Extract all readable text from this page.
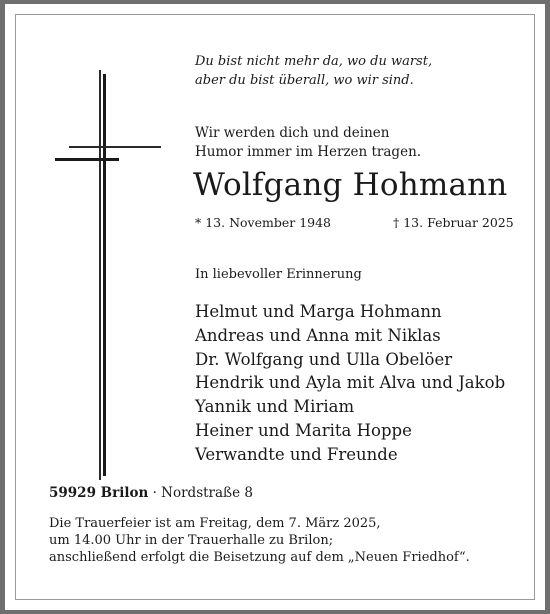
Du bist nicht mehr da, wo du warst,
aber du bist überall, wo wir sind.
Wir werden dich und deinen
Humor immer im Herzen tragen.
Wolfgang Hohmann
* 13. November 1948	† 13. Februar 2025
In liebevoller Erinnerung
Helmut und Marga Hohmann
Andreas und Anna mit Niklas
Dr. Wolfgang und Ulla Obelöer
Hendrik und Ayla mit Alva und Jakob
Yannik und Miriam
Heiner und Marita Hoppe
Verwandte und Freunde
59929 Brilon · Nordstraße 8
Die Trauerfeier ist am Freitag, dem 7. März 2025,
um 14.00 Uhr in der Trauerhalle zu Brilon;
anschließend erfolgt die Beisetzung auf dem „Neuen Friedhof“.
